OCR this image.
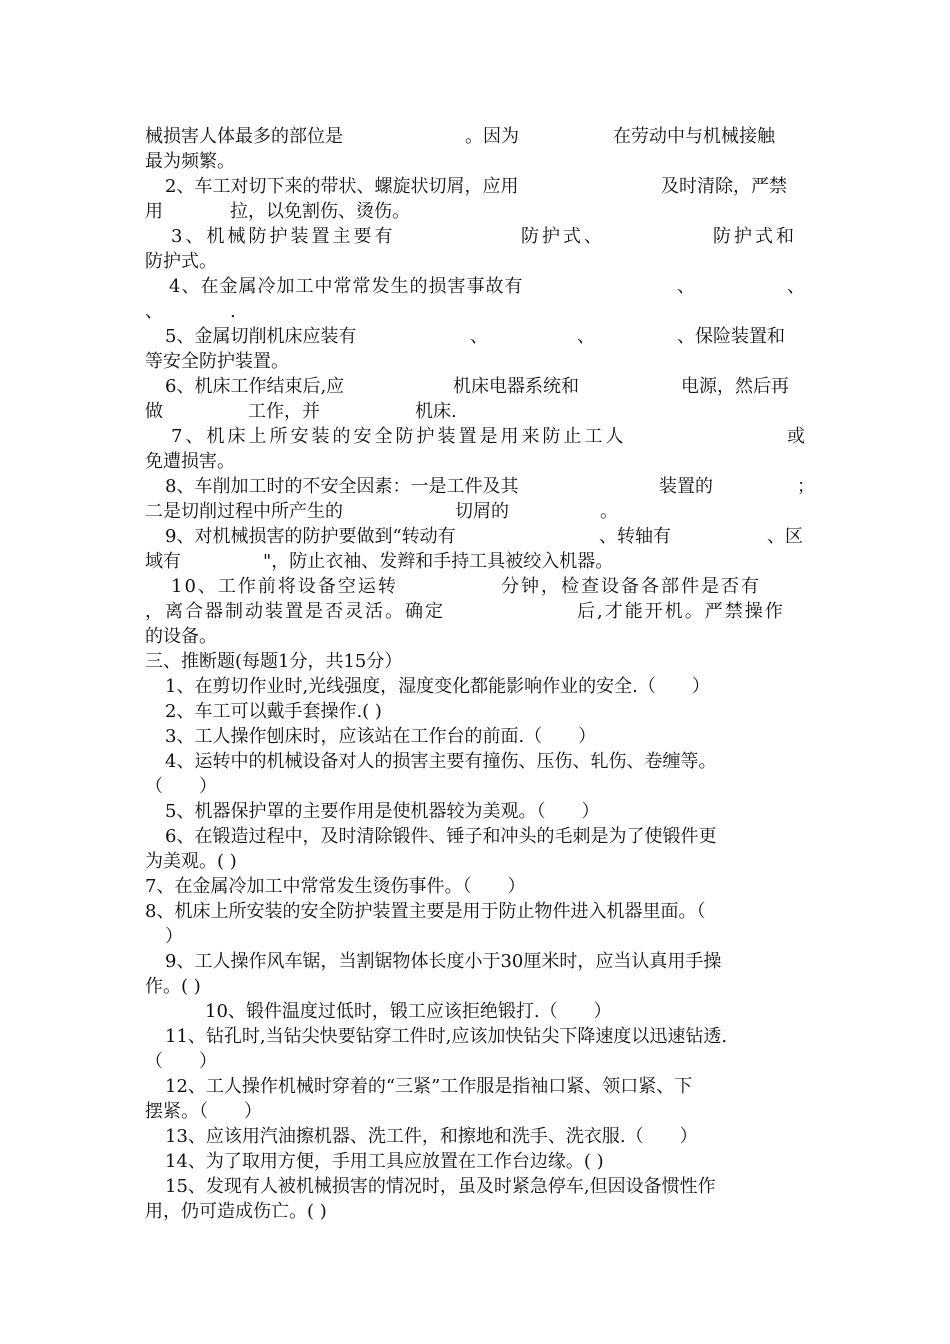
械损害人体最多的部位是	。因为	在劳动中与机械接触
最为频繁。
2、车工对切下来的带状、螺旋状切屑，应用	及时清除，严禁
用	拉，以免割伤、烫伤。
3、机械防护装置主要有	防护式、	防护式和
防护式。
4、在金属冷加工中常常发生的损害事故有	、	、
、	.
5、金属切削机床应装有	、	、	、保险装置和
等安全防护装置。
6、机床工作结束后,应	机床电器系统和	电源，然后再
做	工作，并	机床.
7、机床上所安装的安全防护装置是用来防止工人	或
免遭损害。
8、车削加工时的不安全因素：一是工件及其	装置的	；
二是切削过程中所产生的	切屑的	。
9、对机械损害的防护要做到“转动有	、转轴有	、区
域有	"，防止衣袖、发辫和手持工具被绞入机器。
10、工作前将设备空运转	分钟，检查设备各部件是否有
，离合器制动装置是否灵活。确定	后,才能开机。严禁操作
的设备。
三、推断题(每题1分，共15分）
1、在剪切作业时,光线强度，湿度变化都能影响作业的安全.（　　）
2、车工可以戴手套操作.( )
3、工人操作刨床时，应该站在工作台的前面.（　　）
4、运转中的机械设备对人的损害主要有撞伤、压伤、轧伤、卷缠等。
（　　）
5、机器保护罩的主要作用是使机器较为美观。（　　）
6、在锻造过程中，及时清除锻件、锤子和冲头的毛刺是为了使锻件更
为美观。( )
7、在金属冷加工中常常发生烫伤事件。（　　）
8、机床上所安装的安全防护装置主要是用于防止物件进入机器里面。（
）
9、工人操作风车锯，当割锯物体长度小于30厘米时，应当认真用手操
作。( )
10、锻件温度过低时，锻工应该拒绝锻打.（　　）
11、钻孔时,当钻尖快要钻穿工件时,应该加快钻尖下降速度以迅速钻透.
（　　）
12、工人操作机械时穿着的“三紧”工作服是指袖口紧、领口紧、下
摆紧。（　　）
13、应该用汽油擦机器、洗工件，和擦地和洗手、洗衣服.（　　）
14、为了取用方便，手用工具应放置在工作台边缘。( )
15、发现有人被机械损害的情况时，虽及时紧急停车,但因设备惯性作
用，仍可造成伤亡。( )
